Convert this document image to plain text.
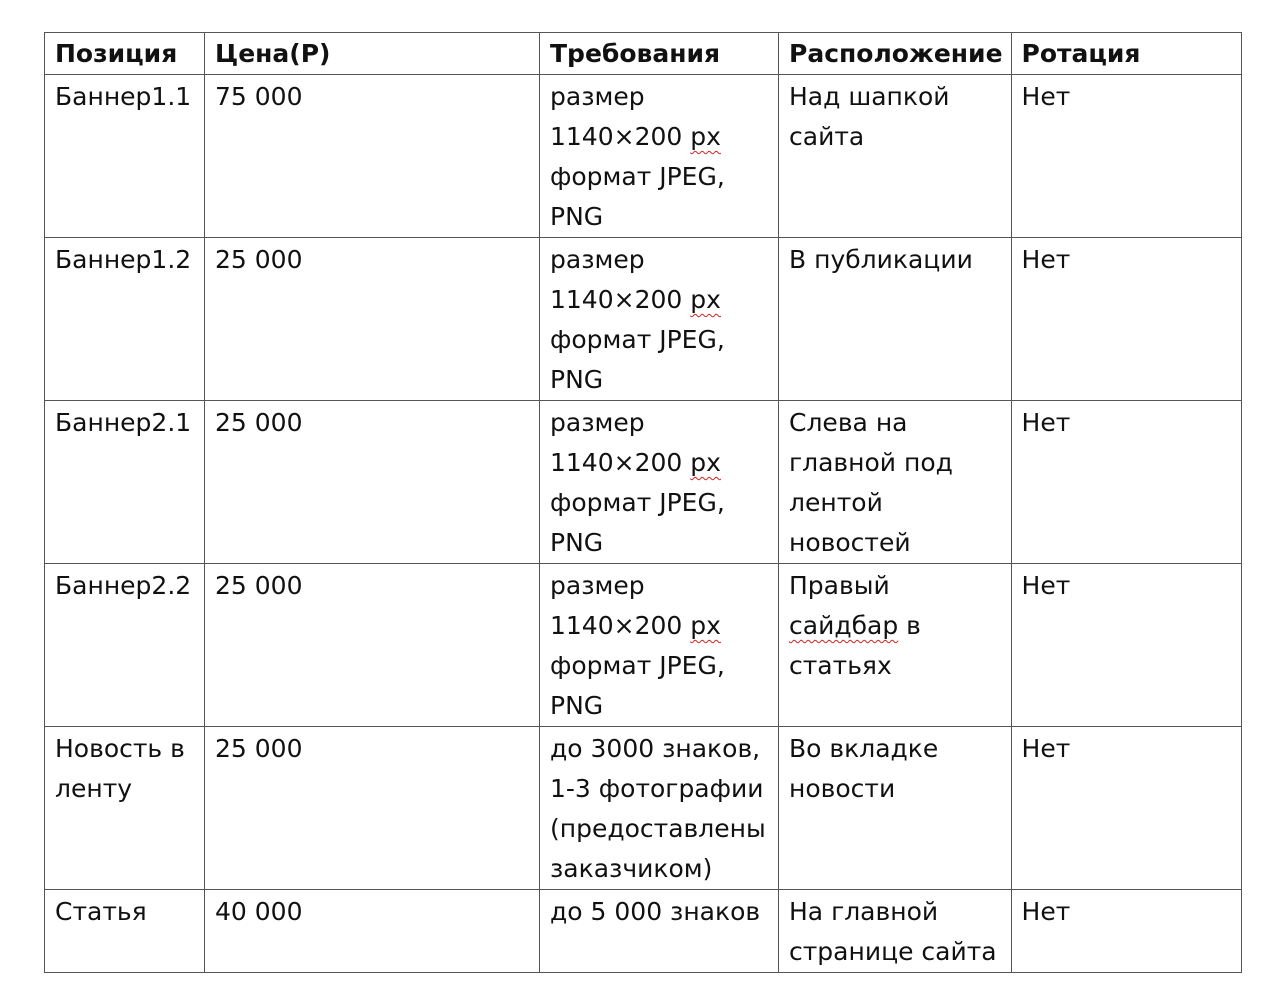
Позиция	Цена(Р)	Требования	Расположение	Ротация
Баннер1.1	75 000	размер
1140×200 px
формат JPEG,
PNG	Над шапкой
сайта	Нет
Баннер1.2	25 000	размер
1140×200 px
формат JPEG,
PNG	В публикации	Нет
Баннер2.1	25 000	размер
1140×200 px
формат JPEG,
PNG	Слева на
главной под
лентой
новостей	Нет
Баннер2.2	25 000	размер
1140×200 px
формат JPEG,
PNG	Правый
сайдбар в
статьях	Нет

Новость в
ленту	25 000	до 3000 знаков,
1-3 фотографии
(предоставлены
заказчиком)	Во вкладке
новости	Нет
Статья	40 000	до 5 000 знаков	На главной
странице сайта	Нет
